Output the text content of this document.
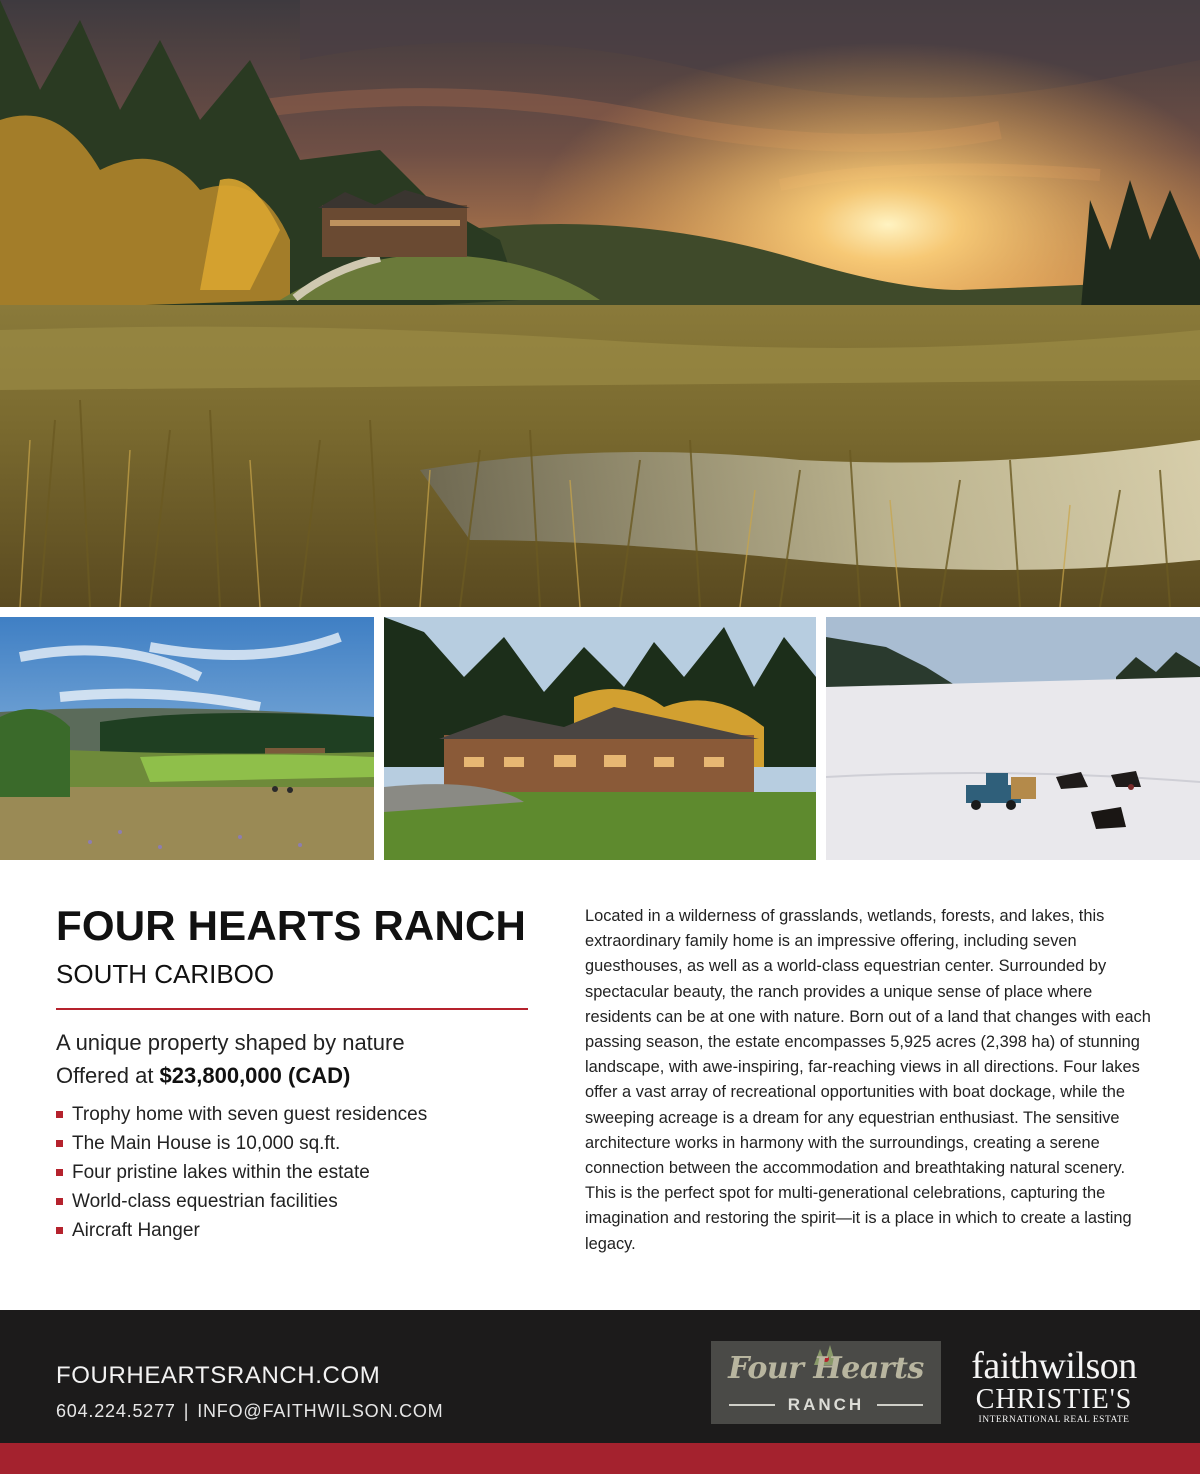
FOUR HEARTS RANCH
SOUTH CARIBOO
A unique property shaped by nature
Offered at $23,800,000 (CAD)
Trophy home with seven guest residences
The Main House is 10,000 sq.ft.
Four pristine lakes within the estate
World-class equestrian facilities
Aircraft Hanger

Located in a wilderness of grasslands, wetlands, forests, and lakes, this extraordinary family home is an impressive offering, including seven guesthouses, as well as a world-class equestrian center. Surrounded by spectacular beauty, the ranch provides a unique sense of place where residents can be at one with nature. Born out of a land that changes with each passing season, the estate encompasses 5,925 acres (2,398 ha) of stunning landscape, with awe-inspiring, far-reaching views in all directions. Four lakes offer a vast array of recreational opportunities with boat dockage, while the sweeping acreage is a dream for any equestrian enthusiast. The sensitive architecture works in harmony with the surroundings, creating a serene connection between the accommodation and breathtaking natural scenery. This is the perfect spot for multi-generational celebrations, capturing the imagination and restoring the spirit—it is a place in which to create a lasting legacy.

FOURHEARTSRANCH.COM
604.224.5277 | INFO@FAITHWILSON.COM
Four Hearts
RANCH
faithwilson
CHRISTIE'S
INTERNATIONAL REAL ESTATE
